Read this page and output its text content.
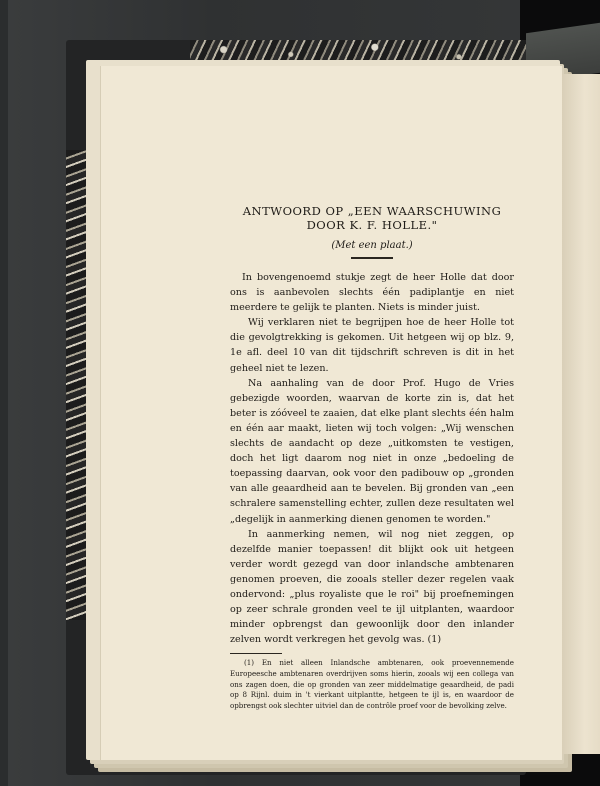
ANTWOORD OP „EEN WAARSCHUWING
DOOR K. F. HOLLE."
(Met een plaat.)

In bovengenoemd stukje zegt de heer Holle dat door ons is aanbevolen slechts één padiplantje en niet meerdere te gelijk te planten. Niets is minder juist.

Wij verklaren niet te begrijpen hoe de heer Holle tot die gevolgtrekking is gekomen. Uit hetgeen wij op blz. 9, 1e afl. deel 10 van dit tijdschrift schreven is dit in het geheel niet te lezen.

Na aanhaling van de door Prof. Hugo de Vries gebezigde woorden, waarvan de korte zin is, dat het beter is zóóveel te zaaien, dat elke plant slechts één halm en één aar maakt, lieten wij toch volgen: „Wij wenschen slechts de aandacht op deze „uitkomsten te vestigen, doch het ligt daarom nog niet in onze „bedoeling de toepassing daarvan, ook voor den padibouw op „gronden van alle geaardheid aan te bevelen. Bij gronden van „een schralere samenstelling echter, zullen deze resultaten wel „degelijk in aanmerking dienen genomen te worden."

In aanmerking nemen, wil nog niet zeggen, op dezelfde manier toepassen! dit blijkt ook uit hetgeen verder wordt gezegd van door inlandsche ambtenaren genomen proeven, die zooals steller dezer regelen vaak ondervond: „plus royaliste que le roi" bij proefnemingen op zeer schrale gronden veel te ijl uitplanten, waardoor minder opbrengst dan gewoonlijk door den inlander zelven wordt verkregen het gevolg was. (1)

(1) En niet alleen Inlandsche ambtenaren, ook proevennemende Europeesche ambtenaren overdrijven soms hierin, zooals wij een collega van ons zagen doen, die op gronden van zeer middelmatige geaardheid, de padi op 8 Rijnl. duim in 't vierkant uitplantte, hetgeen te ijl is, en waardoor de opbrengst ook slechter uitviel dan de contrôle proef voor de bevolking zelve.
